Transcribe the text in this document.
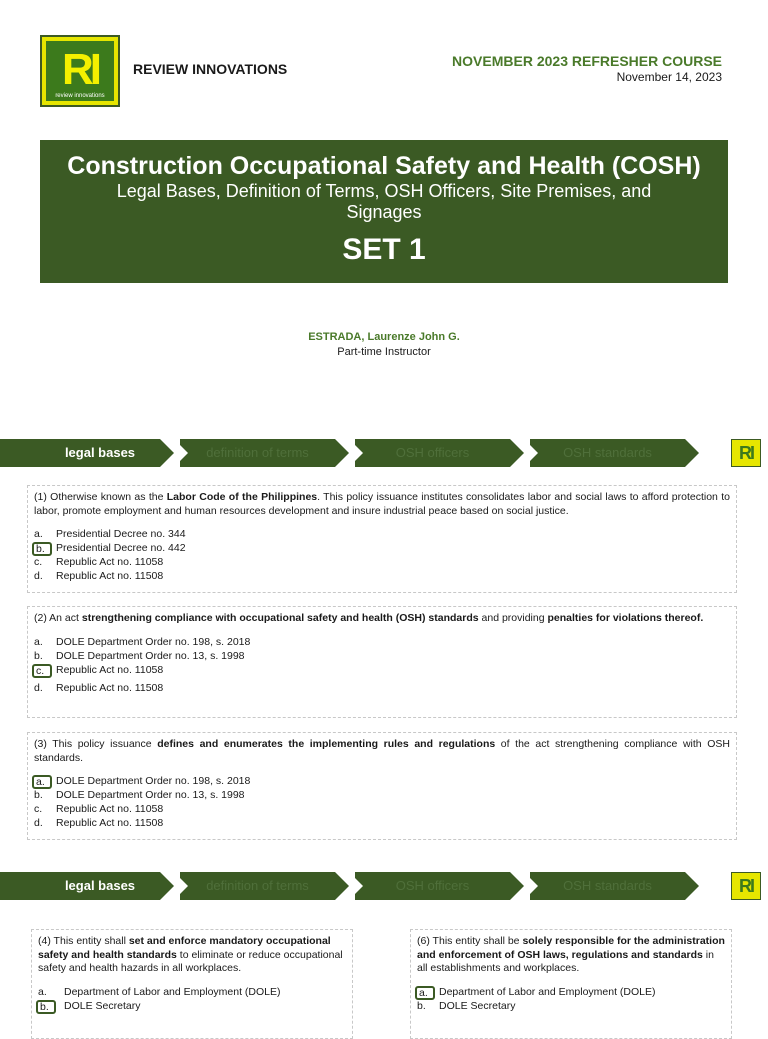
RI
review innovations
REVIEW INNOVATIONS	NOVEMBER 2023 REFRESHER COURSE
November 14, 2023
Construction Occupational Safety and Health (COSH)
Legal Bases, Definition of Terms, OSH Officers, Site Premises, and Signages
SET 1
ESTRADA, Laurenze John G.
Part-time Instructor
legal bases	definition of terms	OSH officers	OSH standards	RI

(1) Otherwise known as the Labor Code of the Philippines. This policy issuance institutes consolidates labor and social laws to afford protection to labor, promote employment and human resources development and insure industrial peace based on social justice.

a.	Presidential Decree no. 344
b.	Presidential Decree no. 442
c.	Republic Act no. 11058
d.	Republic Act no. 11508

(2) An act strengthening compliance with occupational safety and health (OSH) standards and providing penalties for violations thereof.

a.	DOLE Department Order no. 198, s. 2018
b.	DOLE Department Order no. 13, s. 1998
c.	Republic Act no. 11058
d.	Republic Act no. 11508

(3) This policy issuance defines and enumerates the implementing rules and regulations of the act strengthening compliance with OSH standards.

a.	DOLE Department Order no. 198, s. 2018
b.	DOLE Department Order no. 13, s. 1998
c.	Republic Act no. 11058
d.	Republic Act no. 11508
legal bases	definition of terms	OSH officers	OSH standards	RI

(4) This entity shall set and enforce mandatory occupational safety and health standards to eliminate or reduce occupational safety and health hazards in all workplaces.

a.	Department of Labor and Employment (DOLE)
b.	DOLE Secretary

(6) This entity shall be solely responsible for the administration and enforcement of OSH laws, regulations and standards in all establishments and workplaces.

a.	Department of Labor and Employment (DOLE)
b.	DOLE Secretary
